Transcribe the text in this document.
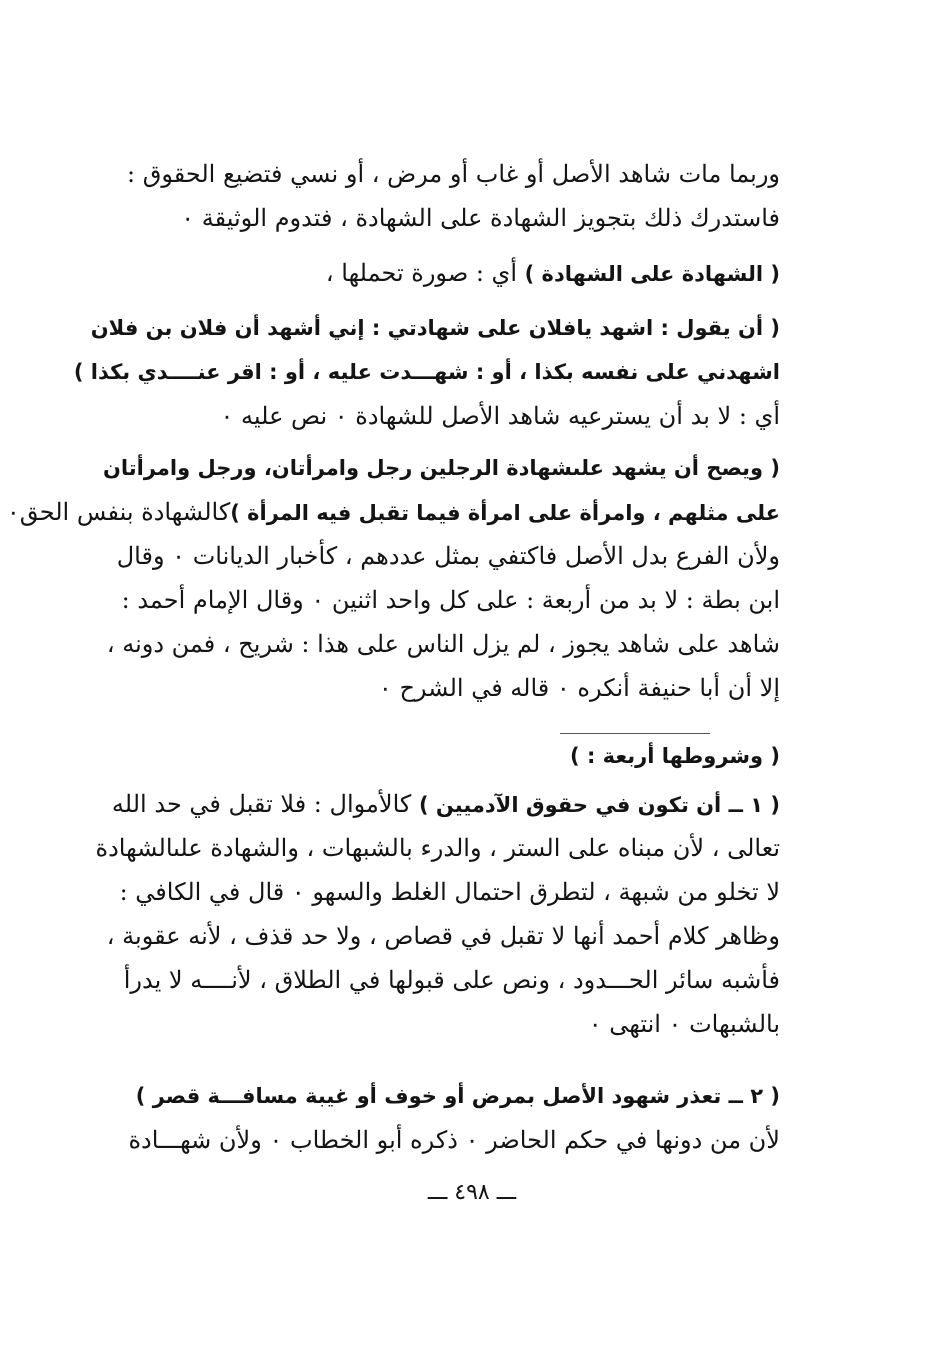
وربما مات شاهد الأصل أو غاب أو مرض ، أو نسي فتضيع الحقوق :
فاستدرك ذلك بتجويز الشهادة على الشهادة ، فتدوم الوثيقة ٠
( الشهادة على الشهادة ) أي : صورة تحملها ،
( أن يقول : اشهد يافلان على شهادتي : إني أشهد أن فلان بن فلان
اشهدني على نفسه بكذا ، أو : شهـــدت عليه ، أو : اقر عنــــدي بكذا )
أي : لا بد أن يسترعيه شاهد الأصل للشهادة ٠ نص عليه ٠
( ويصح أن يشهد علىشهادة الرجلين رجل وامرأتان، ورجل وامرأتان
على مثلهم ، وامرأة على امرأة فيما تقبل فيه المرأة )كالشهادة بنفس الحق٠
ولأن الفرع بدل الأصل فاكتفي بمثل عددهم ، كأخبار الديانات ٠ وقال
ابن بطة : لا بد من أربعة : على كل واحد اثنين ٠ وقال الإمام أحمد :
شاهد على شاهد يجوز ، لم يزل الناس على هذا : شريح ، فمن دونه ،
إلا أن أبا حنيفة أنكره ٠ قاله في الشرح ٠
( وشروطها أربعة : )
( ١ ــ أن تكون في حقوق الآدميين ) كالأموال : فلا تقبل في حد الله
تعالى ، لأن مبناه على الستر ، والدرء بالشبهات ، والشهادة علىالشهادة
لا تخلو من شبهة ، لتطرق احتمال الغلط والسهو ٠ قال في الكافي :
وظاهر كلام أحمد أنها لا تقبل في قصاص ، ولا حد قذف ، لأنه عقوبة ،
فأشبه سائر الحـــدود ، ونص على قبولها في الطلاق ، لأنــــه لا يدرأ
بالشبهات ٠ انتهى ٠
( ٢ ــ تعذر شهود الأصل بمرض أو خوف أو غيبة مسافـــة قصر )
لأن من دونها في حكم الحاضر ٠ ذكره أبو الخطاب ٠ ولأن شهـــادة
ـــ ٤٩٨ ـــ
